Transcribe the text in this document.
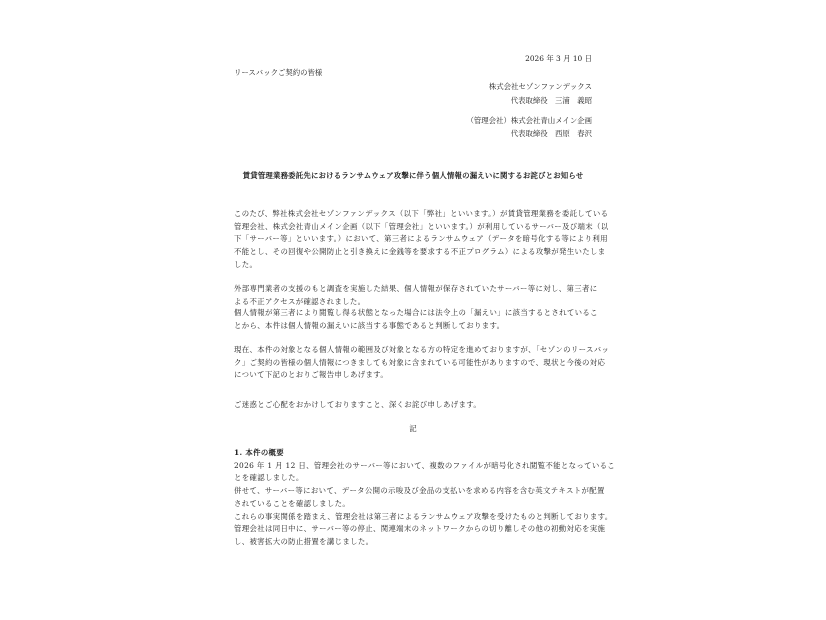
2026 年 3 月 10 日
リースバックご契約の皆様
株式会社セゾンファンデックス
代表取締役　三浦　義昭
（管理会社）株式会社青山メイン企画
代表取締役　西原　春沢
賃貸管理業務委託先におけるランサムウェア攻撃に伴う個人情報の漏えいに関するお詫びとお知らせ
このたび、弊社株式会社セゾンファンデックス（以下「弊社」といいます。）が賃貸管理業務を委託している
管理会社、株式会社青山メイン企画（以下「管理会社」といいます。）が利用しているサーバー及び端末（以
下「サーバー等」といいます。）において、第三者によるランサムウェア（データを暗号化する等により利用
不能とし、その回復や公開防止と引き換えに金銭等を要求する不正プログラム）による攻撃が発生いたしま
した。
外部専門業者の支援のもと調査を実施した結果、個人情報が保存されていたサーバー等に対し、第三者に
よる不正アクセスが確認されました。
個人情報が第三者により閲覧し得る状態となった場合には法令上の「漏えい」に該当するとされているこ
とから、本件は個人情報の漏えいに該当する事態であると判断しております。
現在、本件の対象となる個人情報の範囲及び対象となる方の特定を進めておりますが、「セゾンのリースバッ
ク」ご契約の皆様の個人情報につきましても対象に含まれている可能性がありますので、現状と今後の対応
について下記のとおりご報告申しあげます。
ご迷惑とご心配をおかけしておりますこと、深くお詫び申しあげます。
記
1. 本件の概要
2026 年 1 月 12 日、管理会社のサーバー等において、複数のファイルが暗号化され閲覧不能となっているこ
とを確認しました。
併せて、サーバー等において、データ公開の示唆及び金品の支払いを求める内容を含む英文テキストが配置
されていることを確認しました。
これらの事実関係を踏まえ、管理会社は第三者によるランサムウェア攻撃を受けたものと判断しております。
管理会社は同日中に、サーバー等の停止、関連端末のネットワークからの切り離しその他の初動対応を実施
し、被害拡大の防止措置を講じました。
